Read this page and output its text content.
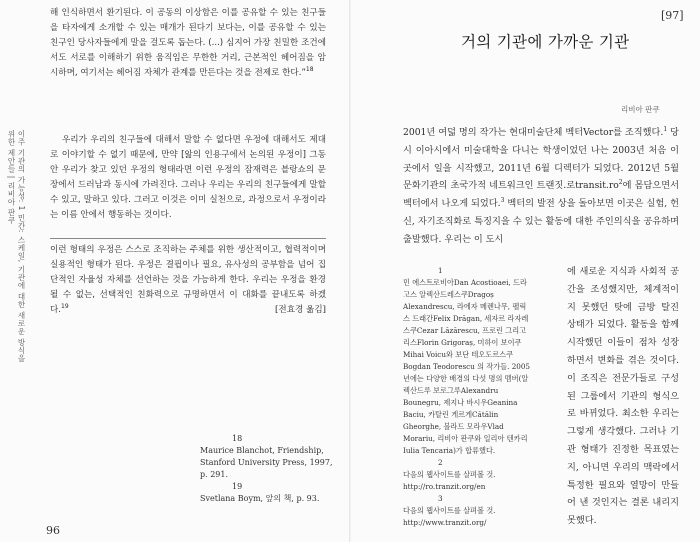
이주 기관의 가능성: 1 민간: 스케일, 기관에 대한 새로운 방식을 위한 제안들 | 리비아 판쿠
해 인식하면서 환기된다. 이 공동의 이상함은 이를 공유할 수 있는 친구들을 타자에게 소개할 수 있는 매개가 된다기 보다는, 이를 공유할 수 있는 친구인 당사자들에게 말을 걸도록 돕는다. (...) 심지어 가장 친밀한 조건에서도 서로를 이해하기 위한 움직임은 무한한 거리, 근본적인 헤어짐을 암시하며, 여기서는 헤어짐 자체가 관계를 만든다는 것을 전제로 한다.”$^{18}$
우리가 우리의 친구들에 대해서 말할 수 없다면 우정에 대해서도 제대로 이야기할 수 없기 때문에, 만약 [앎의 인용구에서 논의된 우정이] 그동안 우리가 찾고 있던 우정의 형태라면 이런 우정의 잠재력은 블랑쇼의 문장에서 드러남과 동시에 가려진다. 그러나 우리는 우리의 친구들에게 말할 수 있고, 말하고 있다. 그러고 이것은 이미 실천으로, 과정으로서 우정이라는 이름 안에서 행동하는 것이다.
이런 형태의 우정은 스스로 조직하는 주체를 위한 생산적이고, 협력적이며 실용적인 형태가 된다. 우정은 결핍이나 필요, 유사성의 공부함을 넘어 집단적인 자율성 자체를 선언하는 것을 가능하게 한다. 우리는 우정을 환경될 수 없는, 선택적인 친화력으로 규명하면서 이 대화를 끝내도록 하겠다.$^{19}$	[전효경 옮김]
18
Maurice Blanchot, Friendship, Stanford University Press, 1997, p. 291.
19
Svetlana Boym, 앞의 책, p. 93.
96
[97]
거의 기관에 가까운 기관
리비아 판쿠
2001년 여덟 명의 작가는 현대미술단체 벡터Vector를 조직했다.$^1$ 당시 이아시에서 미술대학을 다니는 학생이었던 나는 2003년 처음 이곳에서 일을 시작했고, 2011년 6월 디렉터가 되었다. 2012년 5월 문화기관의 초국가적 네트워크인 트랜짓.로$transit.ro^2$에 몸담으면서 벡터에서 나오게 되었다.$^3$ 벡터의 발전 상을 돌아보면 이곳은 실험, 헌신, 자기조직화로 특징지을 수 있는 활동에 대한 주인의식을 공유하며 출발했다. 우리는 이 도시
1
민 에스트로비아Dan Acostioaei, 드라고스 알렉산드레스쿠Dragoș Alexandrescu, 라에자 메렌나무, 펠릭스 드래간Felix Drăgan, 세자르 라자레스쿠Cezar Lăzărescu, 프로린 그리고리스Florin Grigoraș, 미하이 보이쿠Mihai Voicu와 보단 테오도르스쿠 Bogdan Teodorescu 의 작가들. 2005년에는 다양한 배경의 다섯 명의 멤버(알렉산드루 보로그루Alexandru Bounegru, 제지나 바시우Geanina Baciu, 카탈린 게르게Cătălin Gheorghe, 블라드 모라우Vlad Morariu, 리비아 판쿠와 일리아 텐카리Iulia Tencaria)가 합류했다.
2
다음의 웹사이트를 살펴볼 것. http://ro.tranzit.org/en
3
다음의 웹사이트를 살펴볼 것. http://www.tranzit.org/
에 새로운 지식과 사회적 공간을 조성했지만, 체계적이지 못했던 탓에 금방 탈진 상태가 되었다. 활동을 함께 시작했던 이들이 점차 성장하면서 변화를 겪은 것이다. 이 조직은 전문가들로 구성된 그룹에서 기관의 형식으로 바뀌었다. 최소한 우리는 그렇게 생각했다. 그러나 기관 형태가 진정한 목표였는지, 아니면 우리의 맥락에서 특정한 필요와 열망이 만들어 낸 것인지는 결론 내리지 못했다.
